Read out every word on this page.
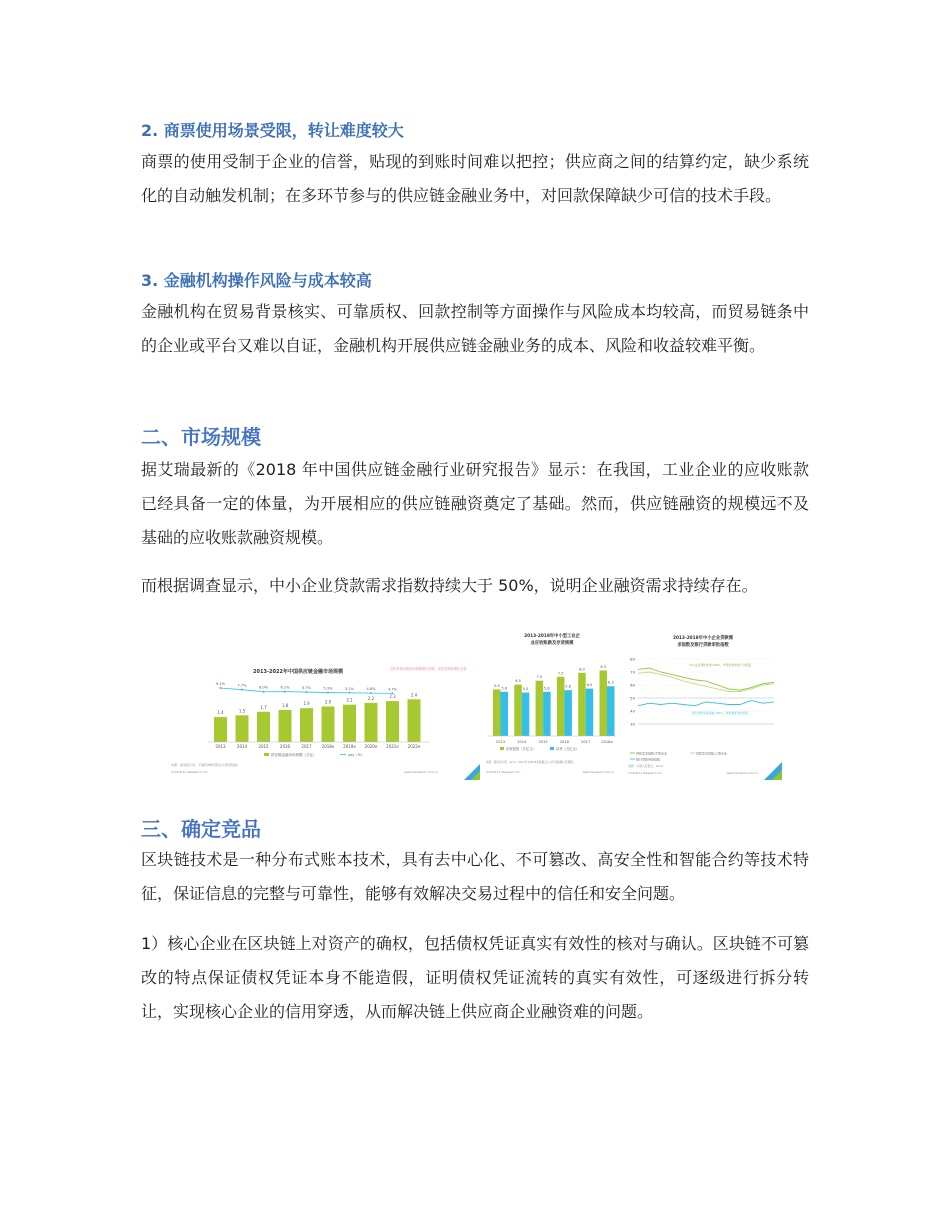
2. 商票使用场景受限，转让难度较大

商票的使用受制于企业的信誉，贴现的到账时间难以把控；供应商之间的结算约定，缺少系统化的自动触发机制；在多环节参与的供应链金融业务中，对回款保障缺少可信的技术手段。

3. 金融机构操作风险与成本较高

金融机构在贸易背景核实、可靠质权、回款控制等方面操作与风险成本均较高，而贸易链条中的企业或平台又难以自证，金融机构开展供应链金融业务的成本、风险和收益较难平衡。

二、市场规模

据艾瑞最新的《2018 年中国供应链金融行业研究报告》显示：在我国，工业企业的应收账款已经具备一定的体量，为开展相应的供应链融资奠定了基础。然而，供应链融资的规模远不及基础的应收账款融资规模。

而根据调查显示，中小企业贷款需求指数持续大于 50%，说明企业融资需求持续存在。

三、确定竞品

区块链技术是一种分布式账本技术，具有去中心化、不可篡改、高安全性和智能合约等技术特征，保证信息的完整与可靠性，能够有效解决交易过程中的信任和安全问题。

1）核心企业在区块链上对资产的确权，包括债权凭证真实有效性的核对与确认。区块链不可篡改的特点保证债权凭证本身不能造假，证明债权凭证流转的真实有效性，可逐级进行拆分转让，实现核心企业的信用穿透，从而解决链上供应商企业融资难的问题。

2013-2022年中国供应链金融市场规模	近年来供应链市场规模增长放缓，但依然保持增长态势
1.4
2013
1.5
2014
1.7
2015
1.8
2016
1.9
2017
2.0
2018e
2.1
2019e
2.2
2020e
2.3
2021e
2.4
2022e
9.1%	7.7%
6.0%	6.1%	5.7%	5.3%	5.1%	4.8%	4.7%
供应链金融市场规模（万亿）	yoy（%）
来源：国家统计局，艾瑞咨询研究院自主研究绘制。
©2018.11 iResearch Inc.	www.iresearch.com.cn
2013-2018年中小型工业企
业应收账款及存货规模
5.9
5.6
2013
6.5
5.5
2014
7.0
5.6
2015
7.5
5.8
2016
8.0
6.0
2017
8.3
6.3
2018e
应收账款（万亿元）	存货（万亿元）
来源：国家统计局，wind，2017年为2018年数据且人为年度数据口径调整。
©2018.11 iResearch Inc.	www.iresearch.com.cn
2013-2018年中小企业贷款需
求指数及银行贷款审批指数
80
70
60
50
40
30
中小企业贷款需求>50%，市场需求依然十分旺盛
银行贷款审批指数<50%，审批难度依旧较高
贷款需求指数:中型企业	贷款需求指数:小型企业
银行贷款审批指数
来源：中国人民银行，wind
©2018.11 iResearch Inc.	www.iresearch.com.cn
